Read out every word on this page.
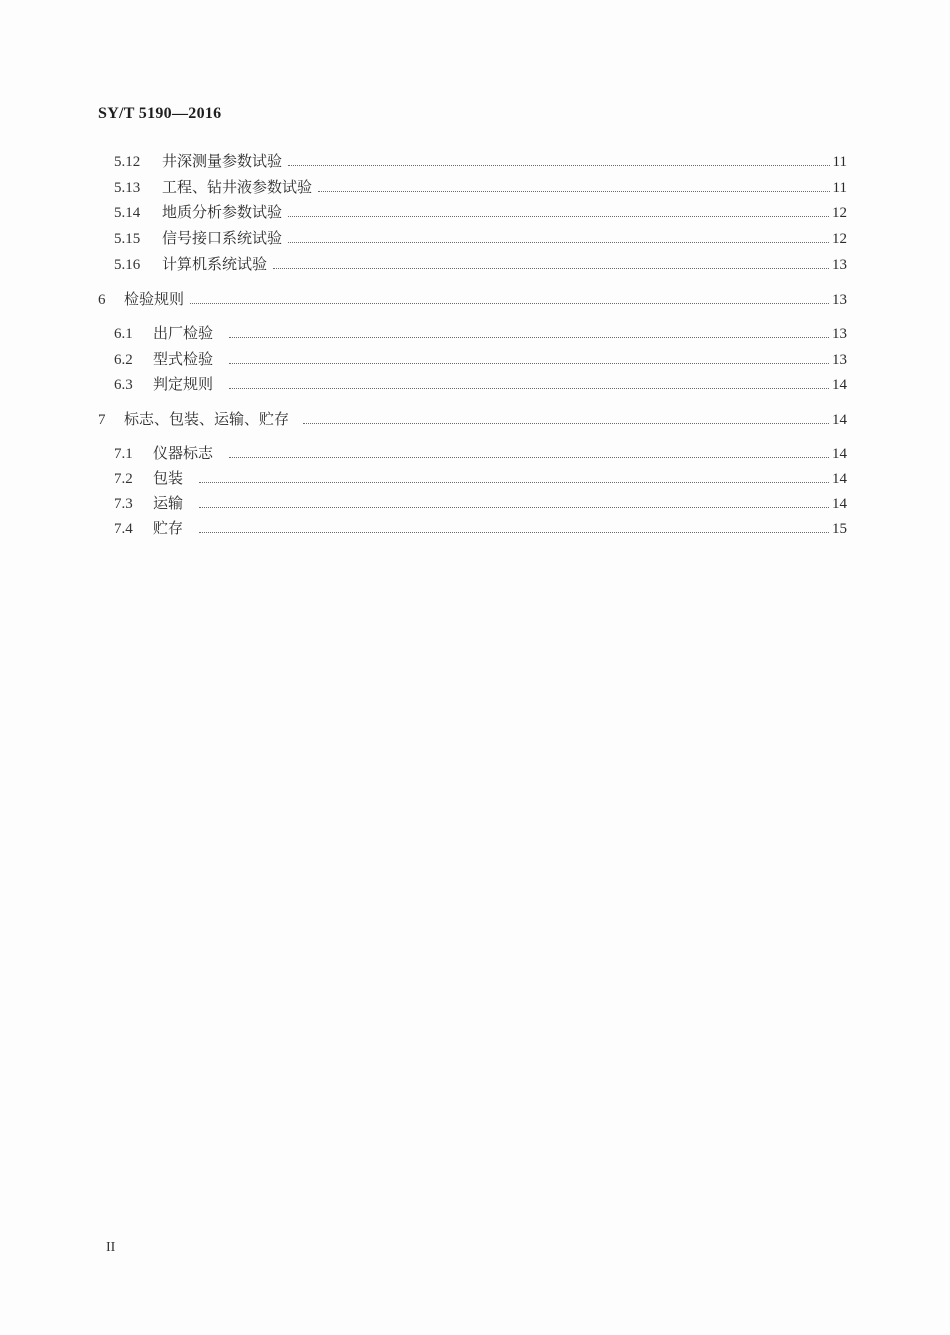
SY/T 5190—2016
5.12	井深测量参数试验	11
5.13	工程、钻井液参数试验	11
5.14	地质分析参数试验	12
5.15	信号接口系统试验	12
5.16	计算机系统试验	13
6	检验规则	13
6.1	出厂检验	13
6.2	型式检验	13
6.3	判定规则	14
7	标志、包装、运输、贮存	14
7.1	仪器标志	14
7.2	包装	14
7.3	运输	14
7.4	贮存	15
II
